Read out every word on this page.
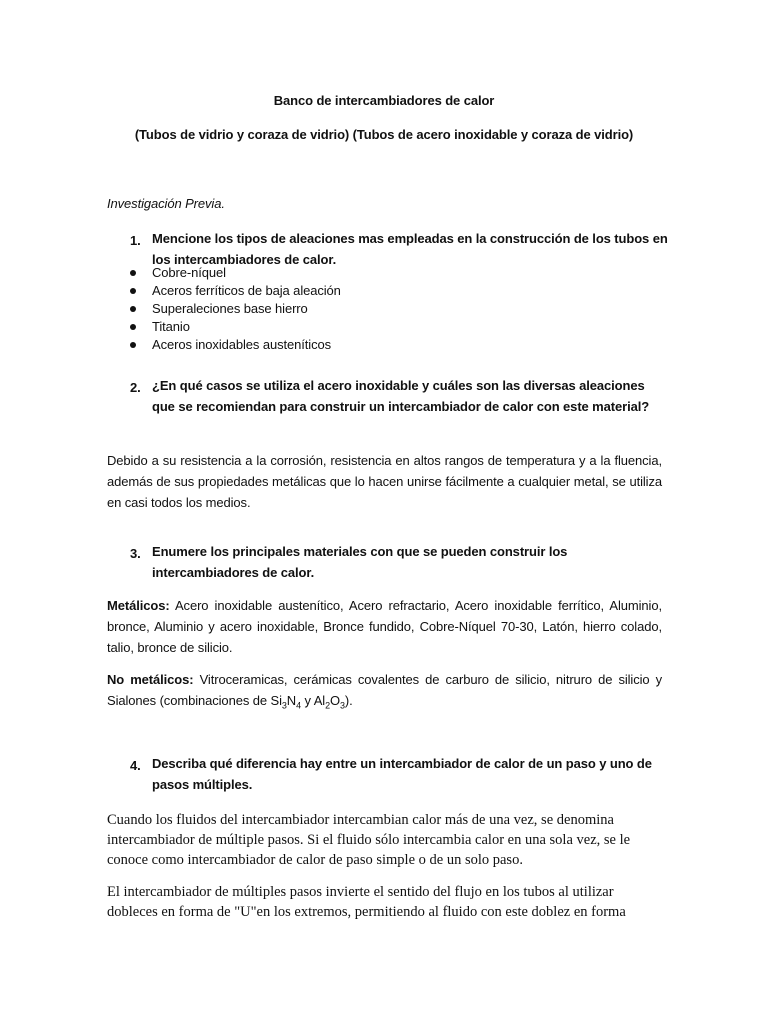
Banco de intercambiadores de calor
(Tubos de vidrio y coraza de vidrio) (Tubos de acero inoxidable y coraza de vidrio)
Investigación Previa.
1. Mencione los tipos de aleaciones mas empleadas en la construcción de los tubos en los intercambiadores de calor.
Cobre-níquel
Aceros ferríticos de baja aleación
Superaleciones base hierro
Titanio
Aceros inoxidables austeníticos
2. ¿En qué casos se utiliza el acero inoxidable y cuáles son las diversas aleaciones que se recomiendan para construir un intercambiador de calor con este material?
Debido a su resistencia a la corrosión, resistencia en altos rangos de temperatura y a la fluencia, además de sus propiedades metálicas que lo hacen unirse fácilmente a cualquier metal, se utiliza en casi todos los medios.
3. Enumere los principales materiales con que se pueden construir los intercambiadores de calor.
Metálicos: Acero inoxidable austenítico, Acero refractario, Acero inoxidable ferrítico, Aluminio, bronce, Aluminio y acero inoxidable, Bronce fundido, Cobre-Níquel 70-30, Latón, hierro colado, talio, bronce de silicio.
No metálicos: Vitroceramicas, cerámicas covalentes de carburo de silicio, nitruro de silicio y Sialones (combinaciones de $Si_3N_4$ y $Al_2O_3$).
4. Describa qué diferencia hay entre un intercambiador de calor de un paso y uno de pasos múltiples.
Cuando los fluidos del intercambiador intercambian calor más de una vez, se denomina intercambiador de múltiple pasos. Si el fluido sólo intercambia calor en una sola vez, se le conoce como intercambiador de calor de paso simple o de un solo paso.
El intercambiador de múltiples pasos invierte el sentido del flujo en los tubos al utilizar dobleces en forma de "U"en los extremos, permitiendo al fluido con este doblez en forma
